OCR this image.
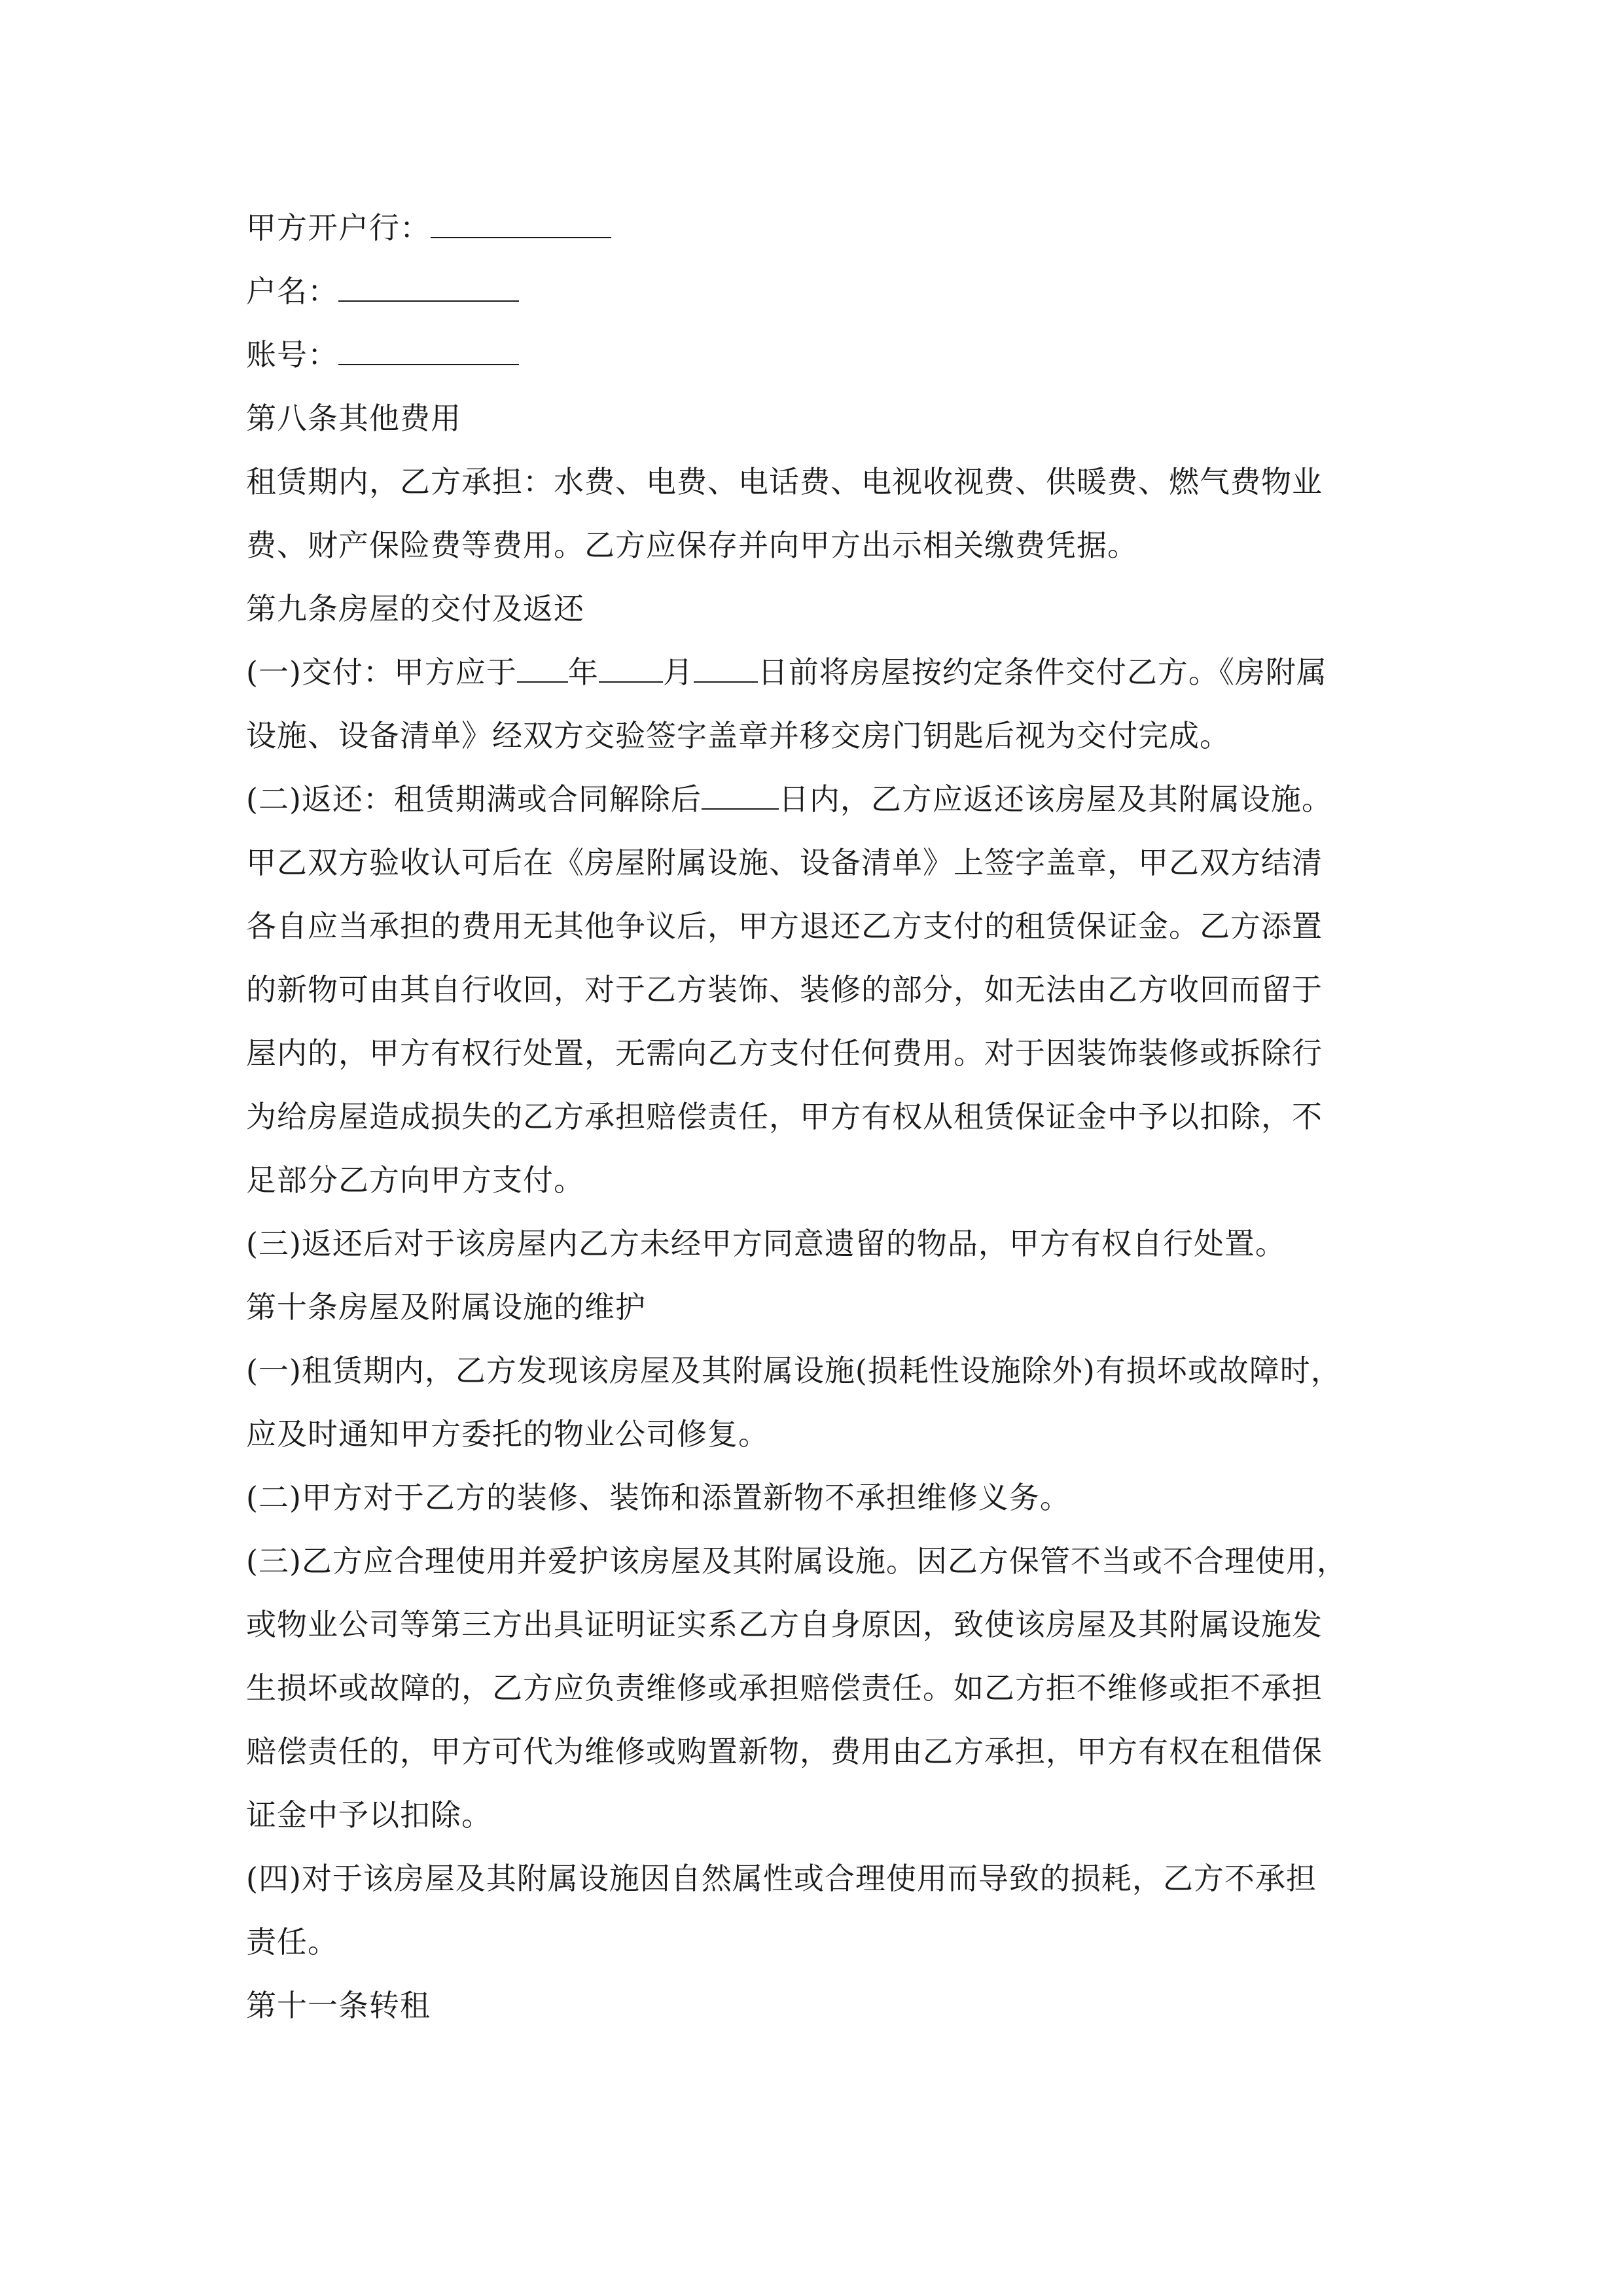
甲方开户行：
户名：
账号：
第八条其他费用
租赁期内，乙方承担：水费、电费、电话费、电视收视费、供暖费、燃气费物业
费、财产保险费等费用。乙方应保存并向甲方出示相关缴费凭据。
第九条房屋的交付及返还
(一)交付：甲方应于 年 月 日前将房屋按约定条件交付乙方。《房附属
设施、设备清单》经双方交验签字盖章并移交房门钥匙后视为交付完成。
(二)返还：租赁期满或合同解除后	日内，乙方应返还该房屋及其附属设施。
甲乙双方验收认可后在《房屋附属设施、设备清单》上签字盖章，甲乙双方结清
各自应当承担的费用无其他争议后，甲方退还乙方支付的租赁保证金。乙方添置
的新物可由其自行收回，对于乙方装饰、装修的部分，如无法由乙方收回而留于
屋内的，甲方有权行处置，无需向乙方支付任何费用。对于因装饰装修或拆除行
为给房屋造成损失的乙方承担赔偿责任，甲方有权从租赁保证金中予以扣除，不
足部分乙方向甲方支付。
(三)返还后对于该房屋内乙方未经甲方同意遗留的物品，甲方有权自行处置。
第十条房屋及附属设施的维护
(一)租赁期内，乙方发现该房屋及其附属设施(损耗性设施除外)有损坏或故障时，
应及时通知甲方委托的物业公司修复。
(二)甲方对于乙方的装修、装饰和添置新物不承担维修义务。
(三)乙方应合理使用并爱护该房屋及其附属设施。因乙方保管不当或不合理使用，
或物业公司等第三方出具证明证实系乙方自身原因，致使该房屋及其附属设施发
生损坏或故障的，乙方应负责维修或承担赔偿责任。如乙方拒不维修或拒不承担
赔偿责任的，甲方可代为维修或购置新物，费用由乙方承担，甲方有权在租借保
证金中予以扣除。
(四)对于该房屋及其附属设施因自然属性或合理使用而导致的损耗，乙方不承担
责任。
第十一条转租
